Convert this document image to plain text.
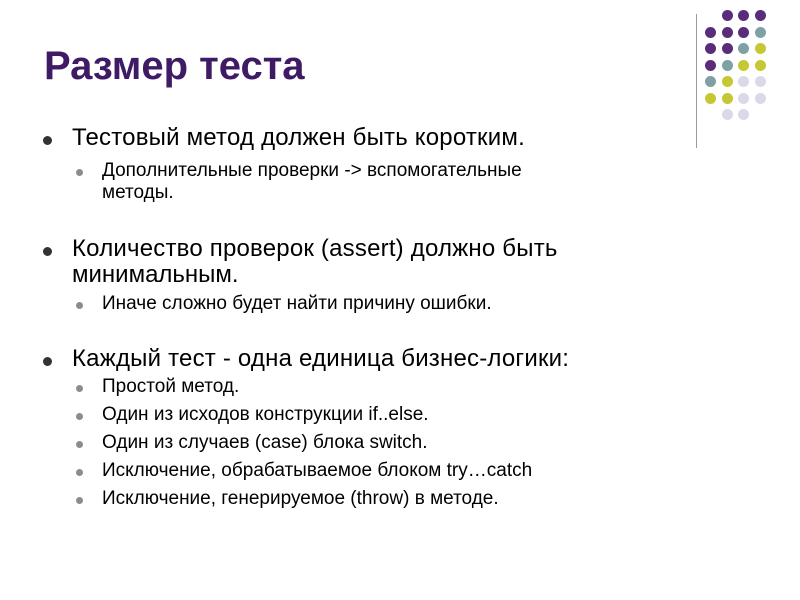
Размер теста
Тестовый метод должен быть коротким.
Дополнительные проверки -> вспомогательные
методы.
Количество проверок (assert) должно быть
минимальным.
Иначе сложно будет найти причину ошибки.
Каждый тест - одна единица бизнес-логики:
Простой метод.
Один из исходов конструкции if..else.
Один из случаев (case) блока switch.
Исключение, обрабатываемое блоком try…catch
Исключение, генерируемое (throw) в методе.
